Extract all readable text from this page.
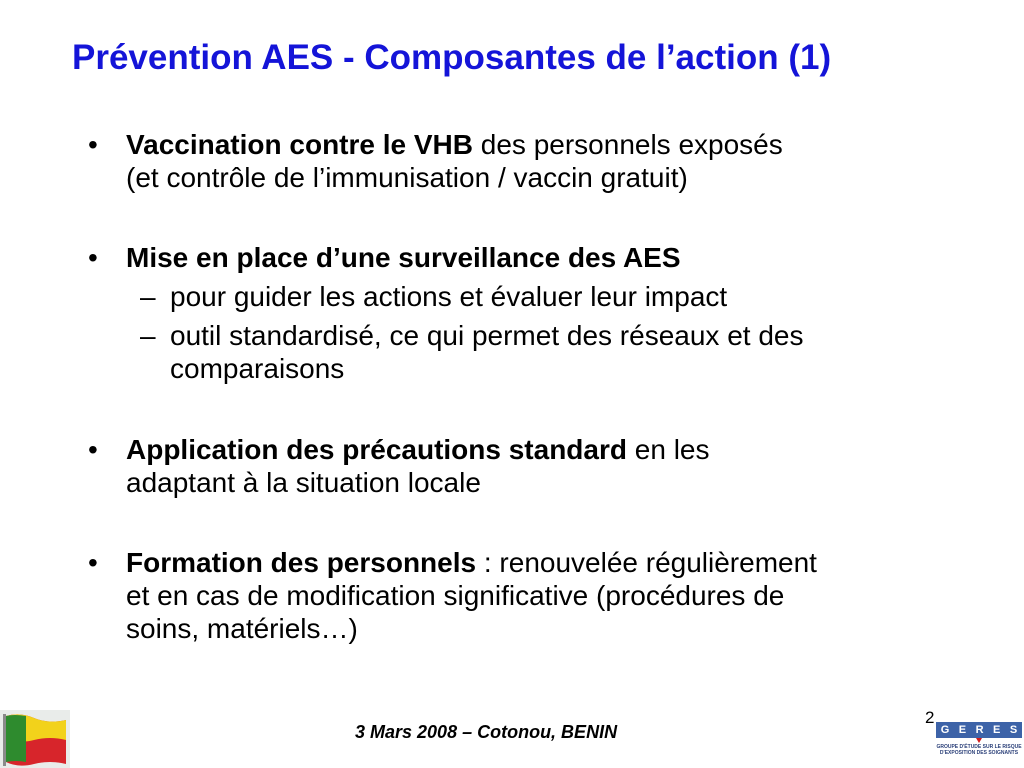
Prévention AES - Composantes de l’action (1)
• Vaccination contre le VHB des personnels exposés
(et contrôle de l’immunisation / vaccin gratuit)
• Mise en place d’une surveillance des AES
– pour guider les actions et évaluer leur impact
– outil standardisé, ce qui permet des réseaux et des
comparaisons
• Application des précautions standard en les
adaptant à la situation locale
• Formation des personnels : renouvelée régulièrement
et en cas de modification significative (procédures de
soins, matériels…)
3 Mars 2008 – Cotonou, BENIN
2
G E R E S
GROUPE D'ÉTUDE SUR LE RISQUE D'EXPOSITION DES SOIGNANTS
